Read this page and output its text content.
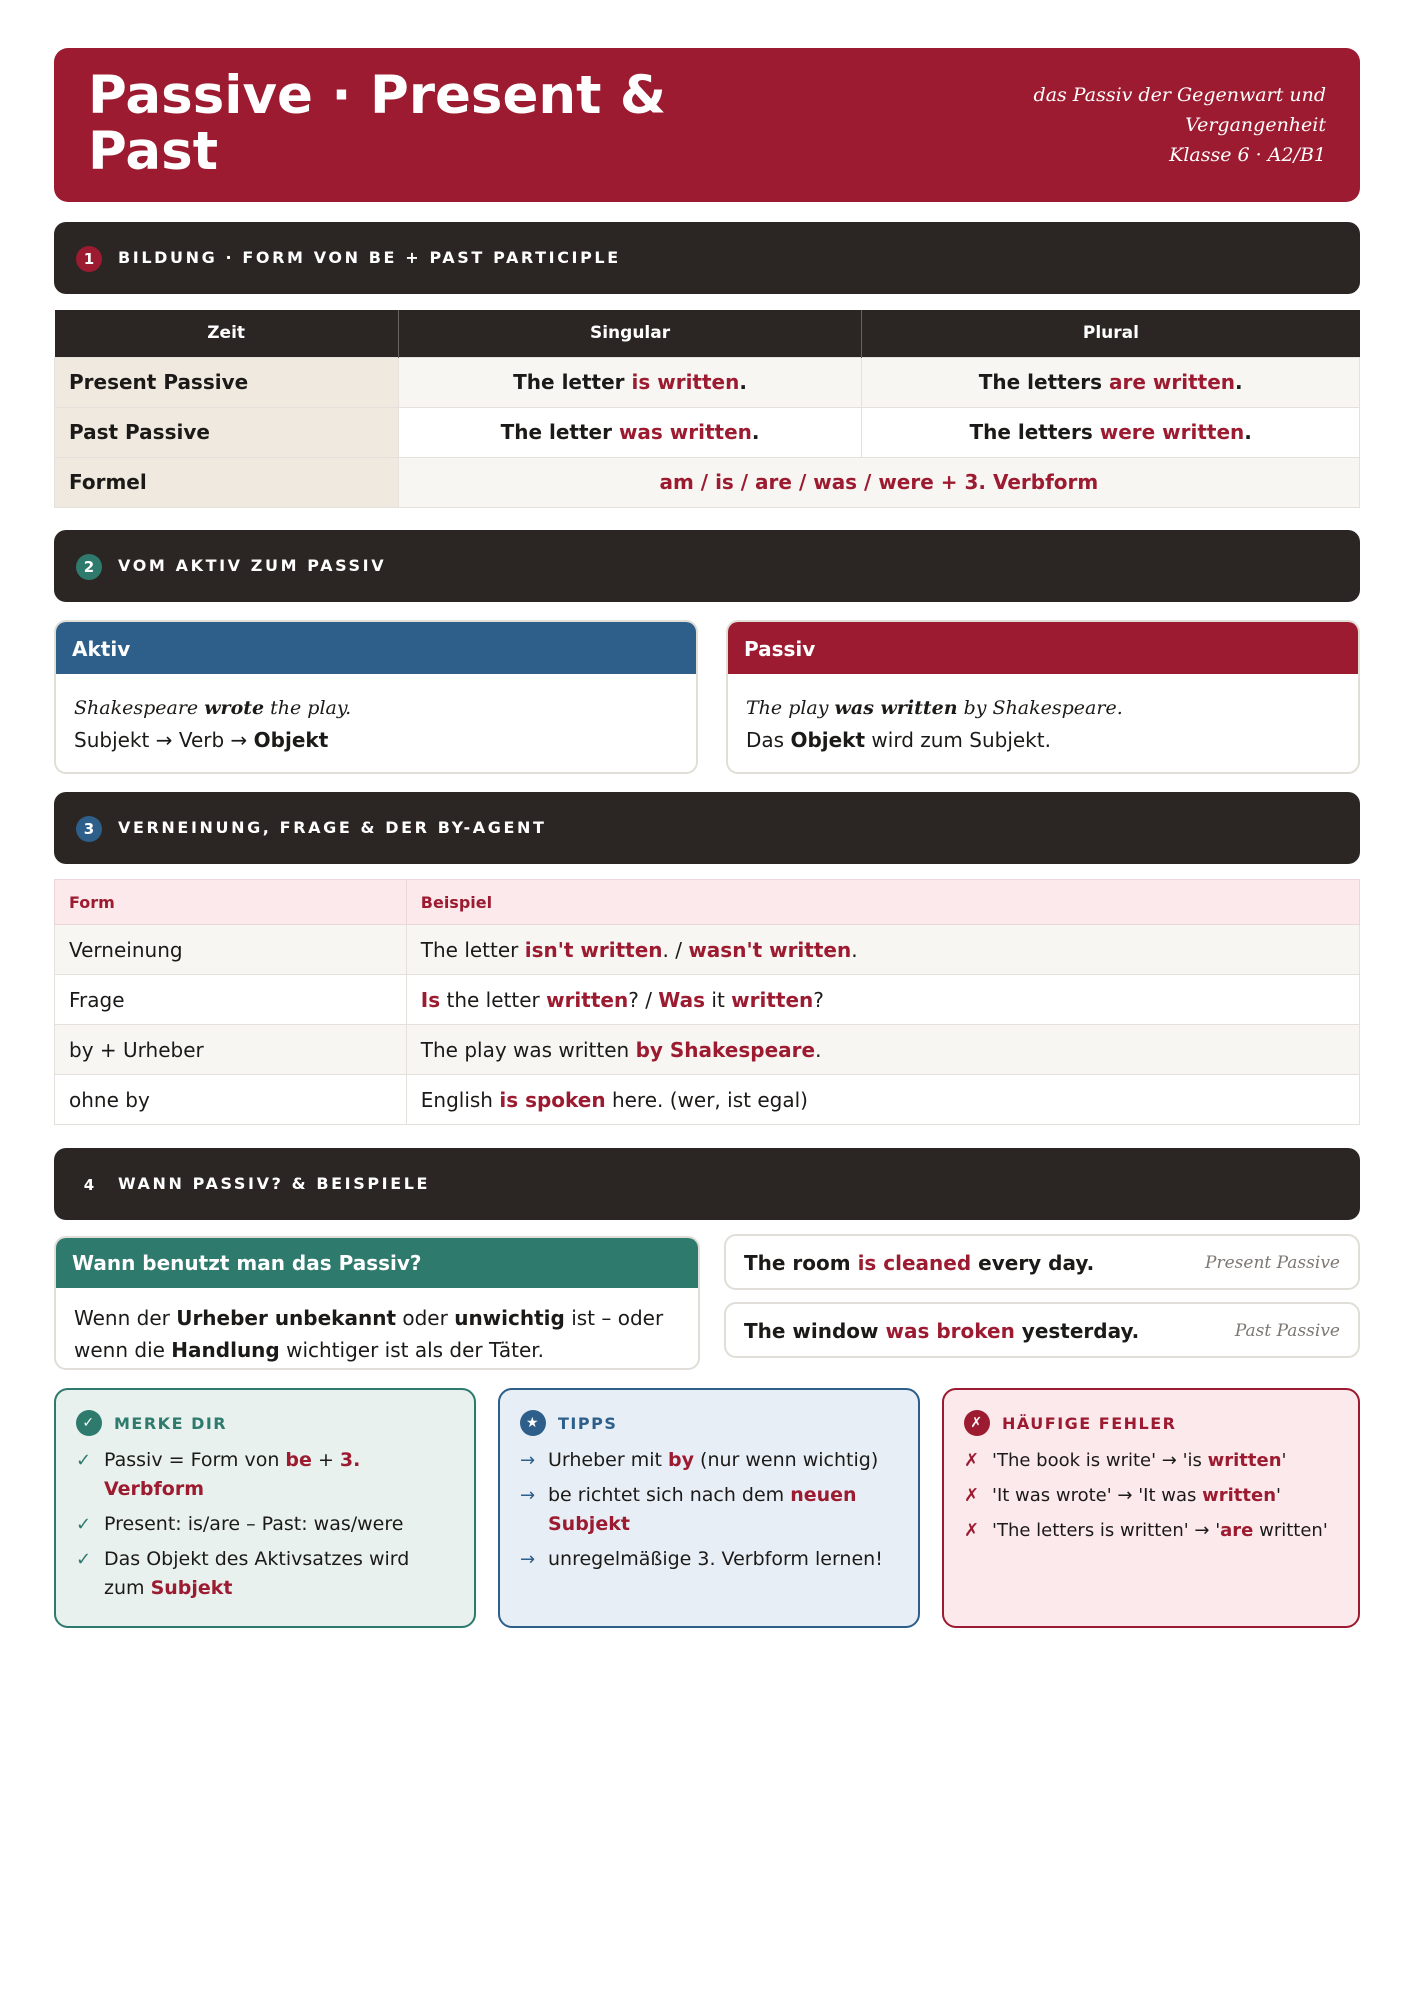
Passive · Present & Past
das Passiv der Gegenwart und
Vergangenheit
Klasse 6 · A2/B1
1	BILDUNG · FORM VON BE + PAST PARTICIPLE
Zeit	Singular	Plural
Present Passive	The letter is written.	The letters are written.
Past Passive	The letter was written.	The letters were written.
Formel	am / is / are / was / were + 3. Verbform	
2	VOM AKTIV ZUM PASSIV
Aktiv
Shakespeare wrote the play.
Subjekt → Verb → Objekt
Passiv
The play was written by Shakespeare.
Das Objekt wird zum Subjekt.
3	VERNEINUNG, FRAGE & DER BY-AGENT
Form	Beispiel
Verneinung	The letter isn't written. / wasn't written.
Frage	Is the letter written? / Was it written?
by + Urheber	The play was written by Shakespeare.
ohne by	English is spoken here. (wer, ist egal)
4	WANN PASSIV? & BEISPIELE
Wann benutzt man das Passiv?
Wenn der Urheber unbekannt oder unwichtig ist – oder
wenn die Handlung wichtiger ist als der Täter.
The room is cleaned every day.	Present Passive
The window was broken yesterday.	Past Passive
✓	MERKE DIR
✓ Passiv = Form von be + 3. Verbform
✓ Present: is/are – Past: was/were
✓ Das Objekt des Aktivsatzes wird zum Subjekt
★	TIPPS
→ Urheber mit by (nur wenn wichtig)
→ be richtet sich nach dem neuen Subjekt
→ unregelmäßige 3. Verbform lernen!
✗	HÄUFIGE FEHLER
✗ 'The book is write' → 'is written'
✗ 'It was wrote' → 'It was written'
✗ 'The letters is written' → 'are written'
